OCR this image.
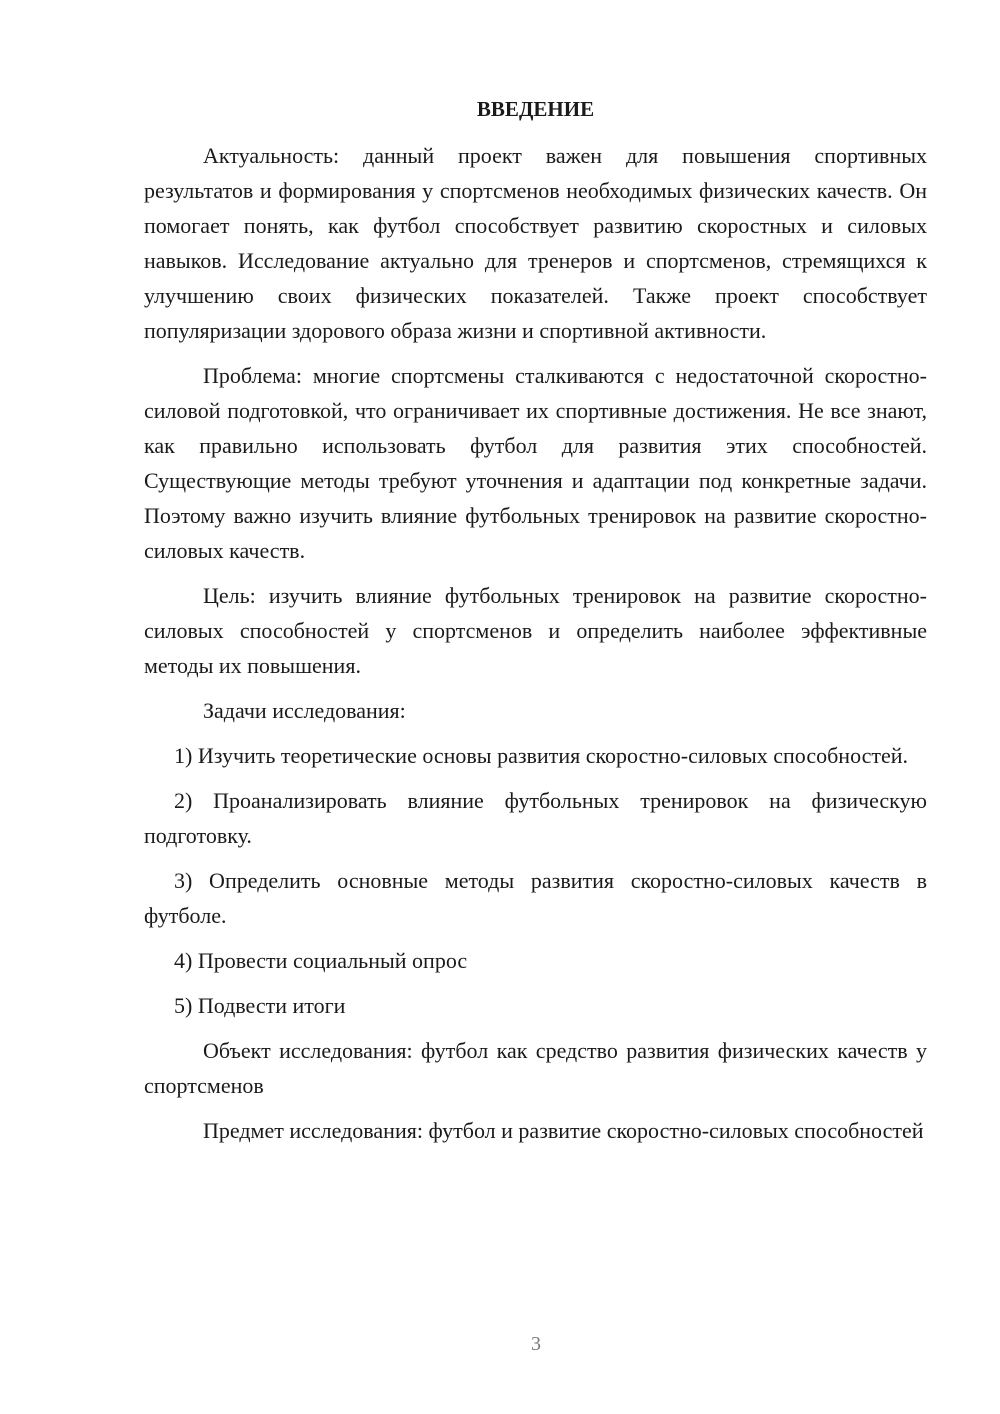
ВВЕДЕНИЕ

Актуальность: данный проект важен для повышения спортивных результатов и формирования у спортсменов необходимых физических качеств. Он помогает понять, как футбол способствует развитию скоростных и силовых навыков. Исследование актуально для тренеров и спортсменов, стремящихся к улучшению своих физических показателей. Также проект способствует популяризации здорового образа жизни и спортивной активности.

Проблема: многие спортсмены сталкиваются с недостаточной скоростно-силовой подготовкой, что ограничивает их спортивные достижения. Не все знают, как правильно использовать футбол для развития этих способностей. Существующие методы требуют уточнения и адаптации под конкретные задачи. Поэтому важно изучить влияние футбольных тренировок на развитие скоростно-силовых качеств.

Цель: изучить влияние футбольных тренировок на развитие скоростно-силовых способностей у спортсменов и определить наиболее эффективные методы их повышения.

Задачи исследования:

1) Изучить теоретические основы развития скоростно-силовых способностей.

2) Проанализировать влияние футбольных тренировок на физическую подготовку.

3) Определить основные методы развития скоростно-силовых качеств в футболе.

4) Провести социальный опрос

5) Подвести итоги

Объект исследования: футбол как средство развития физических качеств у спортсменов

Предмет исследования: футбол и развитие скоростно-силовых способностей

3
